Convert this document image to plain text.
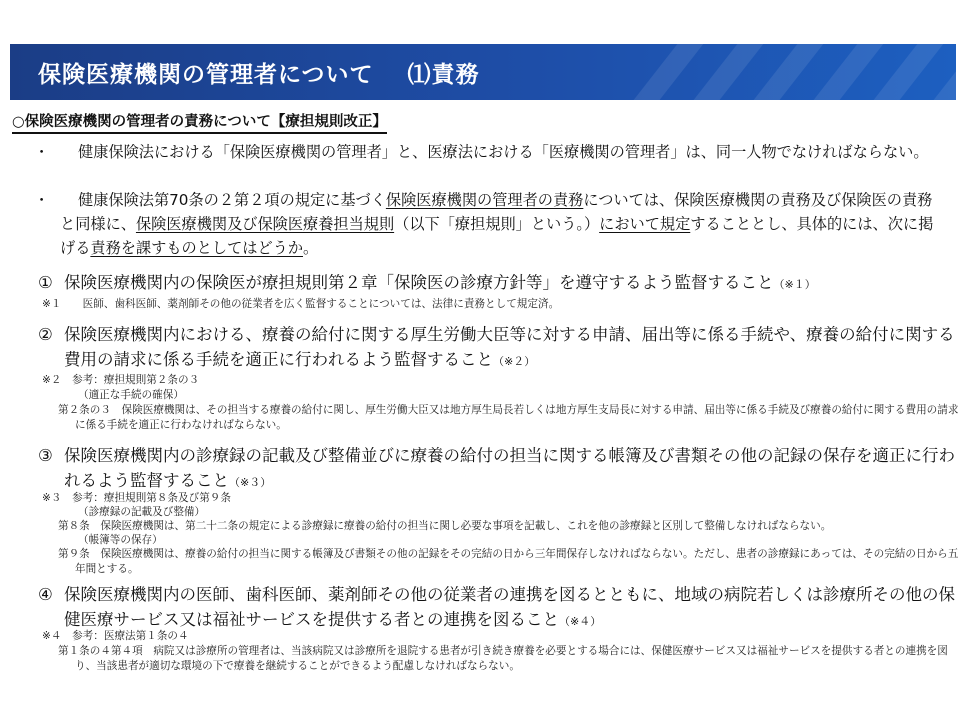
保険医療機関の管理者について ⑴責務
○保険医療機関の管理者の責務について【療担規則改正】
・	健康保険法における「保険医療機関の管理者」と、医療法における「医療機関の管理者」は、同一人物でなければならない。
・	健康保険法第70条の２第２項の規定に基づく保険医療機関の管理者の責務については、保険医療機関の責務及び保険医の責務と同様に、保険医療機関及び保険医療養担当規則（以下「療担規則」という。）において規定することとし、具体的には、次に掲げる責務を課すものとしてはどうか。
① 保険医療機関内の保険医が療担規則第２章「保険医の診療方針等」を遵守するよう監督すること（※１）
※１　　医師、歯科医師、薬剤師その他の従業者を広く監督することについては、法律に責務として規定済。
② 保険医療機関内における、療養の給付に関する厚生労働大臣等に対する申請、届出等に係る手続や、療養の給付に関する費用の請求に係る手続を適正に行われるよう監督すること（※２）
※２　参考：療担規則第２条の３
（適正な手続の確保）
第２条の３　保険医療機関は、その担当する療養の給付に関し、厚生労働大臣又は地方厚生局長若しくは地方厚生支局長に対する申請、届出等に係る手続及び療養の給付に関する費用の請求に係る手続を適正に行わなければならない。
③ 保険医療機関内の診療録の記載及び整備並びに療養の給付の担当に関する帳簿及び書類その他の記録の保存を適正に行われるよう監督すること（※３）
※３　参考：療担規則第８条及び第９条
（診療録の記載及び整備）
第８条　保険医療機関は、第二十二条の規定による診療録に療養の給付の担当に関し必要な事項を記載し、これを他の診療録と区別して整備しなければならない。
（帳簿等の保存）
第９条　保険医療機関は、療養の給付の担当に関する帳簿及び書類その他の記録をその完結の日から三年間保存しなければならない。ただし、患者の診療録にあっては、その完結の日から五年間とする。
④ 保険医療機関内の医師、歯科医師、薬剤師その他の従業者の連携を図るとともに、地域の病院若しくは診療所その他の保健医療サービス又は福祉サービスを提供する者との連携を図ること（※４）
※４　参考：医療法第１条の４
第１条の４第４項　病院又は診療所の管理者は、当該病院又は診療所を退院する患者が引き続き療養を必要とする場合には、保健医療サービス又は福祉サービスを提供する者との連携を図り、当該患者が適切な環境の下で療養を継続することができるよう配慮しなければならない。
